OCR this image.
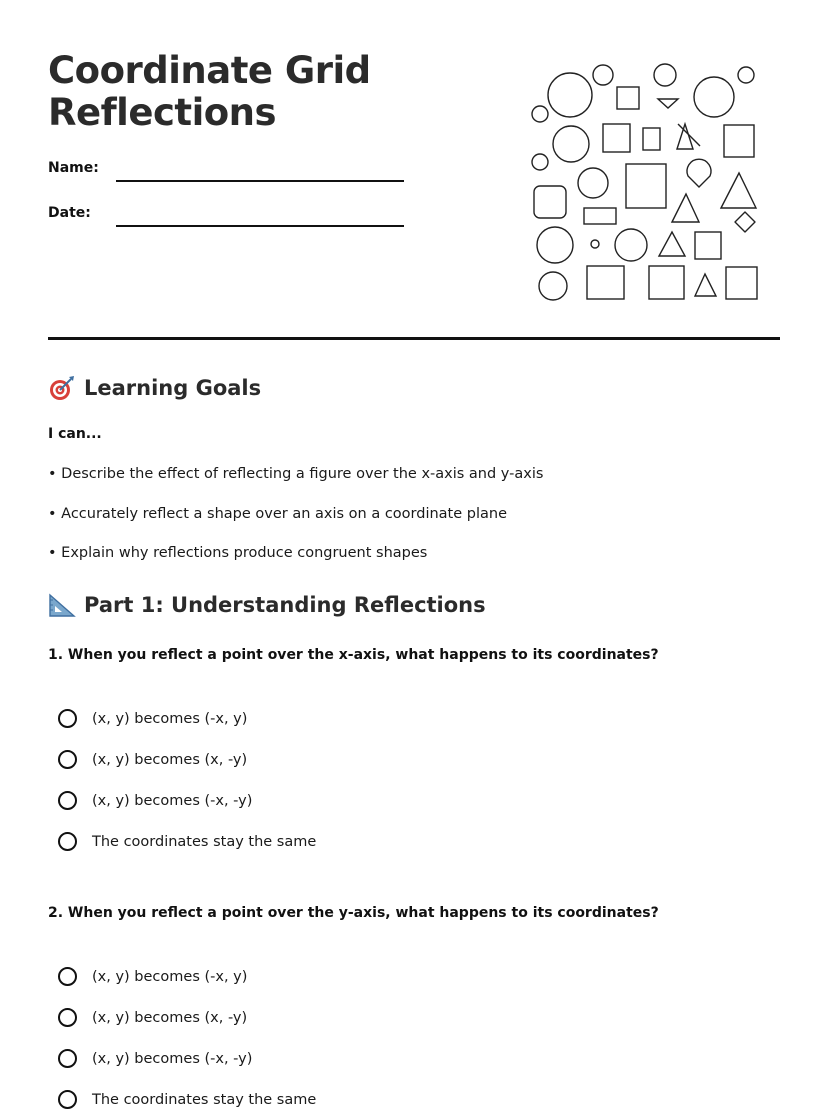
Coordinate Grid
Reflections
Name:
Date:
Learning Goals
I can...
• Describe the effect of reflecting a figure over the x-axis and y-axis
• Accurately reflect a shape over an axis on a coordinate plane
• Explain why reflections produce congruent shapes
Part 1: Understanding Reflections
1. When you reflect a point over the x-axis, what happens to its coordinates?
(x, y) becomes (-x, y)
(x, y) becomes (x, -y)
(x, y) becomes (-x, -y)
The coordinates stay the same
2. When you reflect a point over the y-axis, what happens to its coordinates?
(x, y) becomes (-x, y)
(x, y) becomes (x, -y)
(x, y) becomes (-x, -y)
The coordinates stay the same
